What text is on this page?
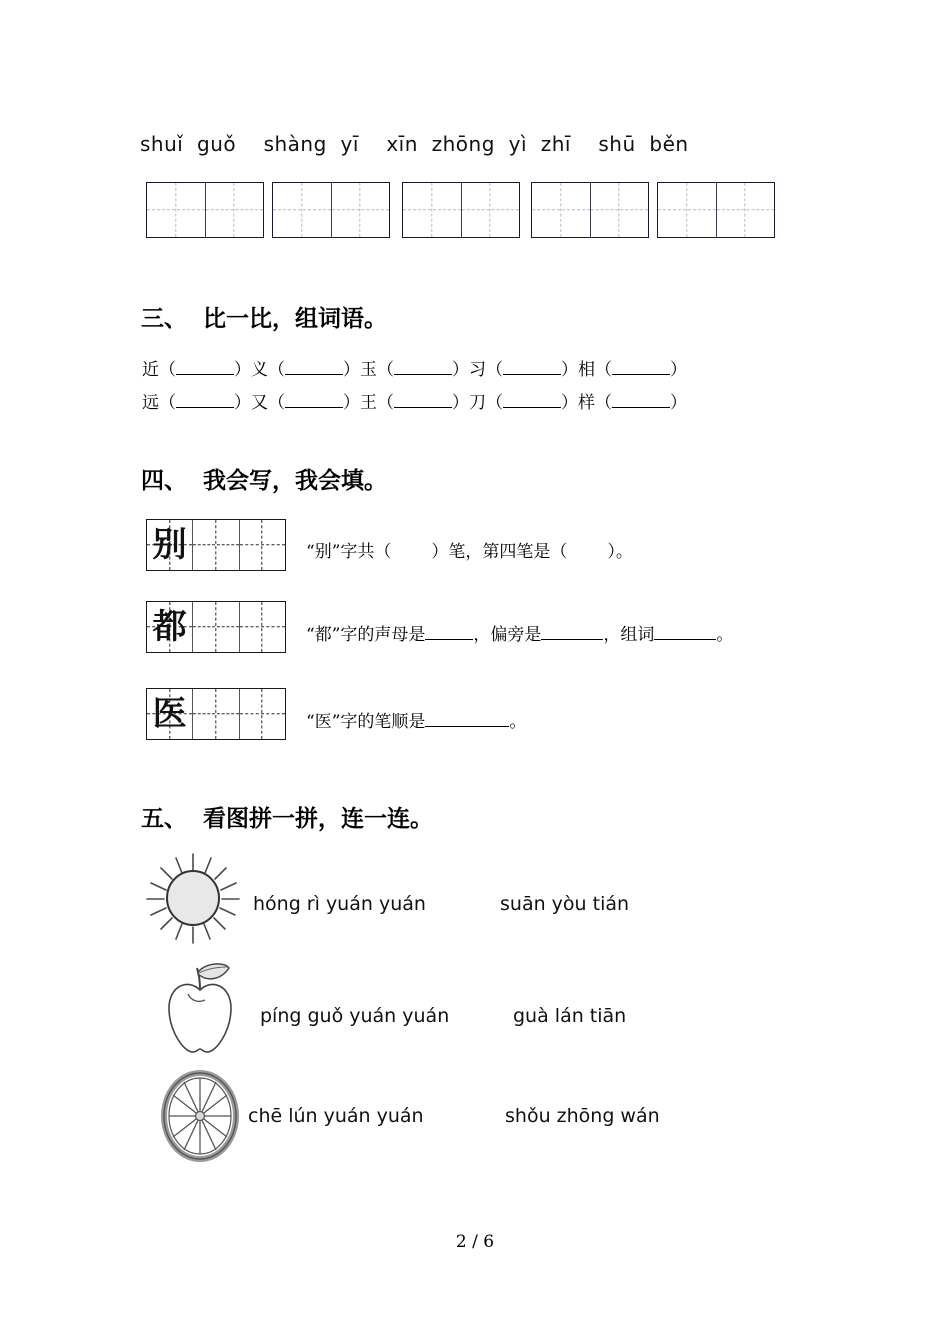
shuǐ  guǒ    shàng  yī    xīn  zhōng  yì  zhī    shū  běn
三、  比一比，组词语。
近 （	） 义 （	） 玉 （	） 习 （	） 相 （	）
远 （	） 又 （	） 王 （	） 刀 （	） 样 （	）
四、  我会写，我会填。
别	“别”字共（ ）笔，第四笔是（ ）。
都	“都”字的声母是	，偏旁是	，组词	。
医	“医”字的笔顺是	。
五、  看图拼一拼，连一连。
hóng rì yuán yuán	suān yòu tián
píng guǒ yuán yuán	guà lán tiān
chē lún yuán yuán	shǒu zhōng wán
2 / 6
